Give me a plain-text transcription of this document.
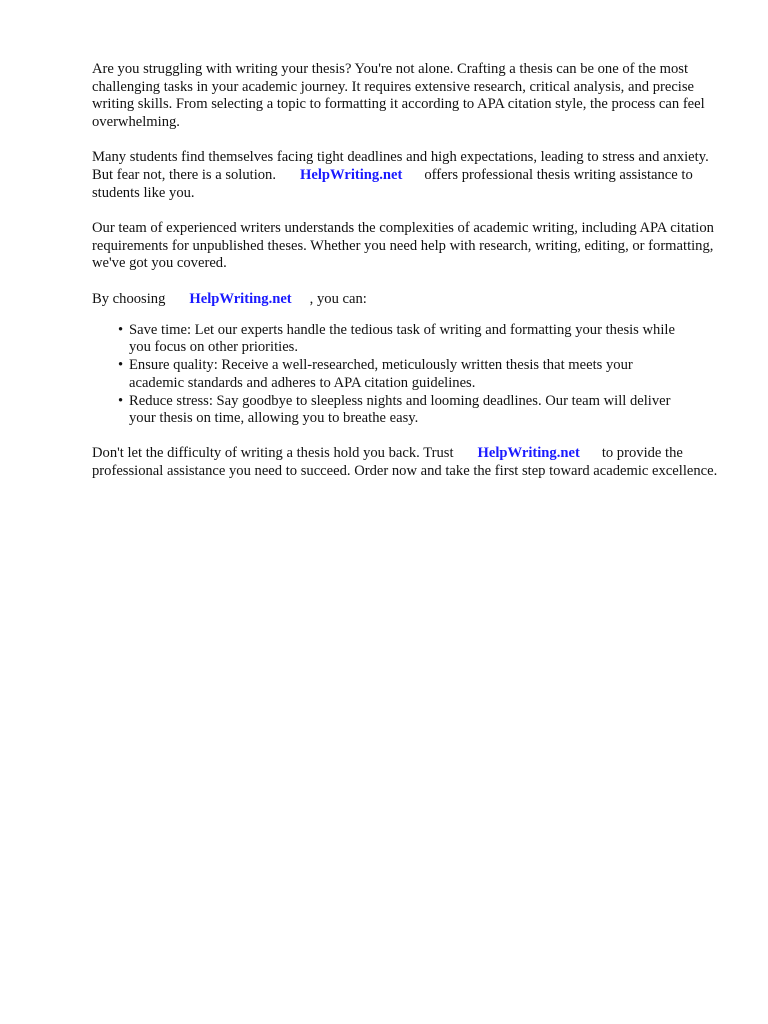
Are you struggling with writing your thesis? You're not alone. Crafting a thesis can be one of the most challenging tasks in your academic journey. It requires extensive research, critical analysis, and precise writing skills. From selecting a topic to formatting it according to APA citation style, the process can feel overwhelming.

Many students find themselves facing tight deadlines and high expectations, leading to stress and anxiety. But fear not, there is a solution. HelpWriting.net offers professional thesis writing assistance to students like you.

Our team of experienced writers understands the complexities of academic writing, including APA citation requirements for unpublished theses. Whether you need help with research, writing, editing, or formatting, we've got you covered.

By choosing HelpWriting.net , you can:

• Save time: Let our experts handle the tedious task of writing and formatting your thesis while you focus on other priorities.
• Ensure quality: Receive a well-researched, meticulously written thesis that meets your academic standards and adheres to APA citation guidelines.
• Reduce stress: Say goodbye to sleepless nights and looming deadlines. Our team will deliver your thesis on time, allowing you to breathe easy.

Don't let the difficulty of writing a thesis hold you back. Trust HelpWriting.net to provide the professional assistance you need to succeed. Order now and take the first step toward academic excellence.
